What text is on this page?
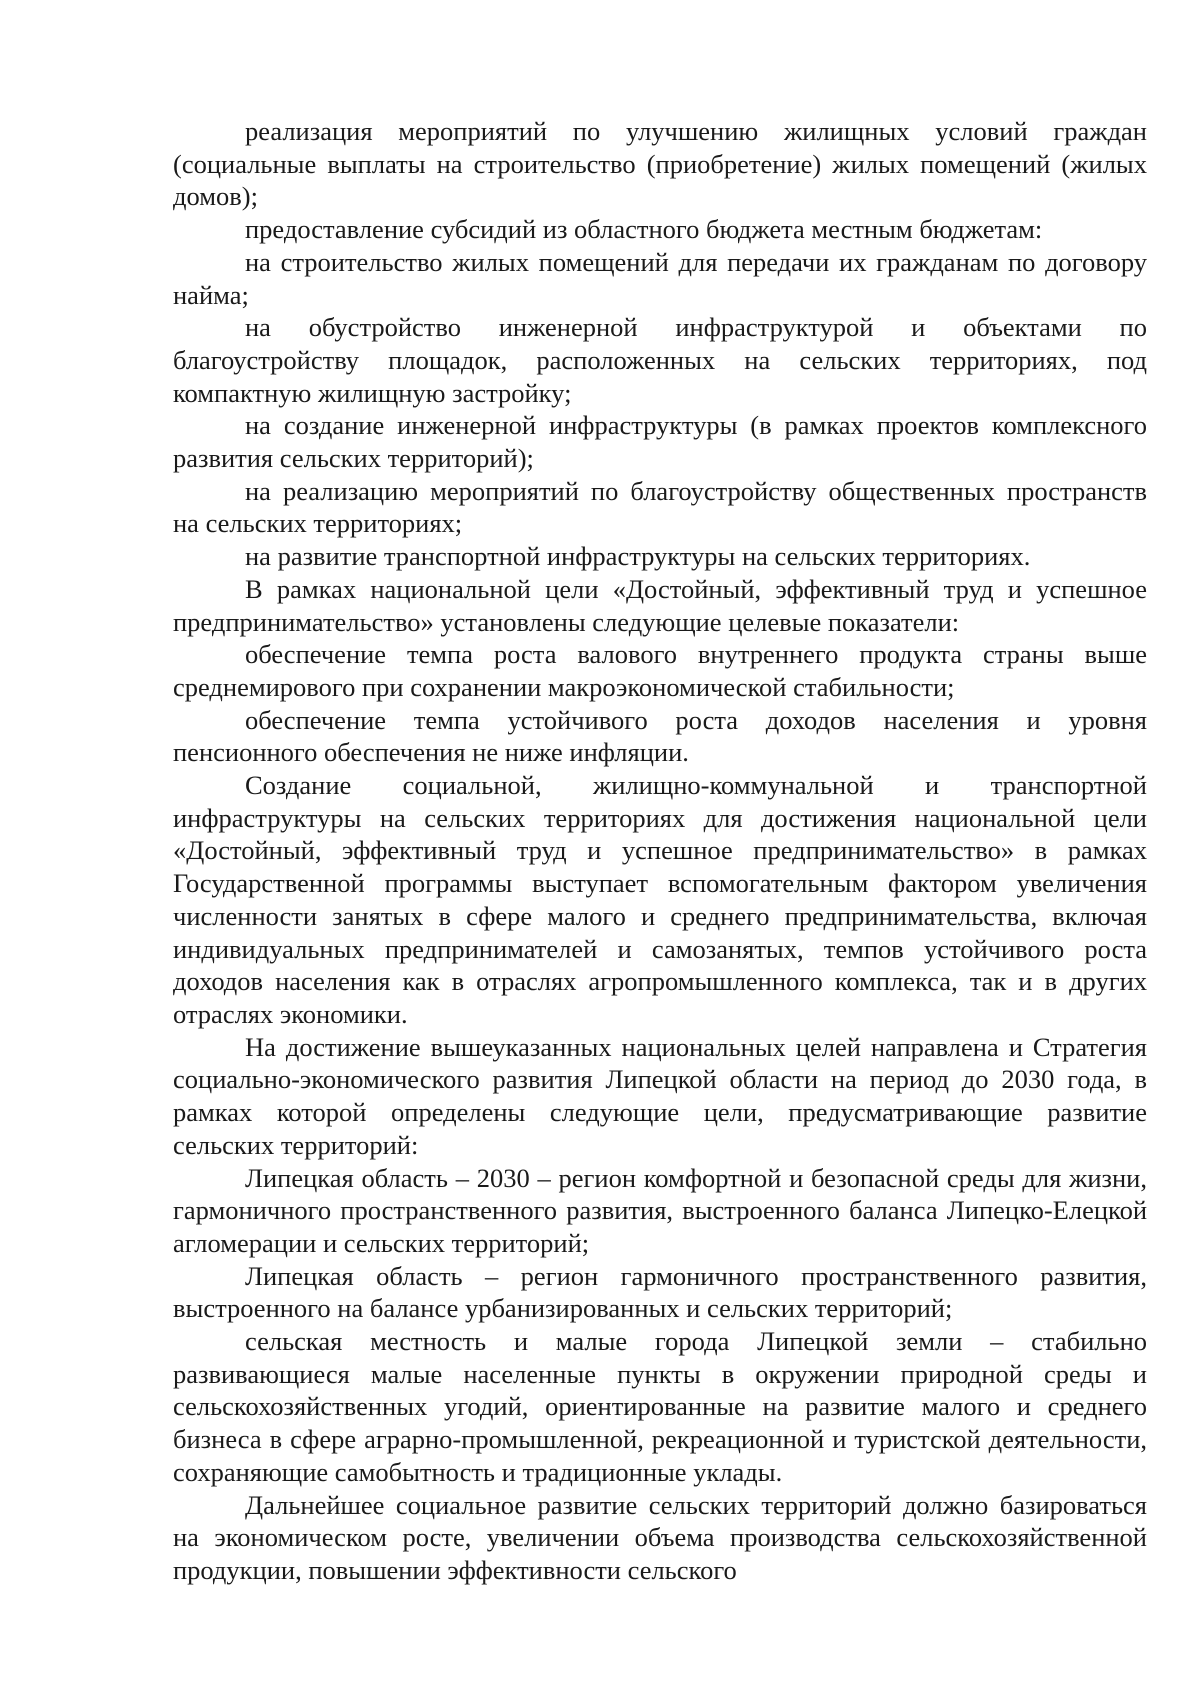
реализация мероприятий по улучшению жилищных условий граждан (социальные выплаты на строительство (приобретение) жилых помещений (жилых домов);

предоставление субсидий из областного бюджета местным бюджетам:

на строительство жилых помещений для передачи их гражданам по договору найма;

на обустройство инженерной инфраструктурой и объектами по благоустройству площадок, расположенных на сельских территориях, под компактную жилищную застройку;

на создание инженерной инфраструктуры (в рамках проектов комплексного развития сельских территорий);

на реализацию мероприятий по благоустройству общественных пространств на сельских территориях;

на развитие транспортной инфраструктуры на сельских территориях.

В рамках национальной цели «Достойный, эффективный труд и успешное предпринимательство» установлены следующие целевые показатели:

обеспечение темпа роста валового внутреннего продукта страны выше среднемирового при сохранении макроэкономической стабильности;

обеспечение темпа устойчивого роста доходов населения и уровня пенсионного обеспечения не ниже инфляции.

Создание социальной, жилищно-коммунальной и транспортной инфраструктуры на сельских территориях для достижения национальной цели «Достойный, эффективный труд и успешное предпринимательство» в рамках Государственной программы выступает вспомогательным фактором увеличения численности занятых в сфере малого и среднего предпринимательства, включая индивидуальных предпринимателей и самозанятых, темпов устойчивого роста доходов населения как в отраслях агропромышленного комплекса, так и в других отраслях экономики.

На достижение вышеуказанных национальных целей направлена и Стратегия социально-экономического развития Липецкой области на период до 2030 года, в рамках которой определены следующие цели, предусматривающие развитие сельских территорий:

Липецкая область – 2030 – регион комфортной и безопасной среды для жизни, гармоничного пространственного развития, выстроенного баланса Липецко-Елецкой агломерации и сельских территорий;

Липецкая область – регион гармоничного пространственного развития, выстроенного на балансе урбанизированных и сельских территорий;

сельская местность и малые города Липецкой земли – стабильно развивающиеся малые населенные пункты в окружении природной среды и сельскохозяйственных угодий, ориентированные на развитие малого и среднего бизнеса в сфере аграрно-промышленной, рекреационной и туристской деятельности, сохраняющие самобытность и традиционные уклады.

Дальнейшее социальное развитие сельских территорий должно базироваться на экономическом росте, увеличении объема производства сельскохозяйственной продукции, повышении эффективности сельского
